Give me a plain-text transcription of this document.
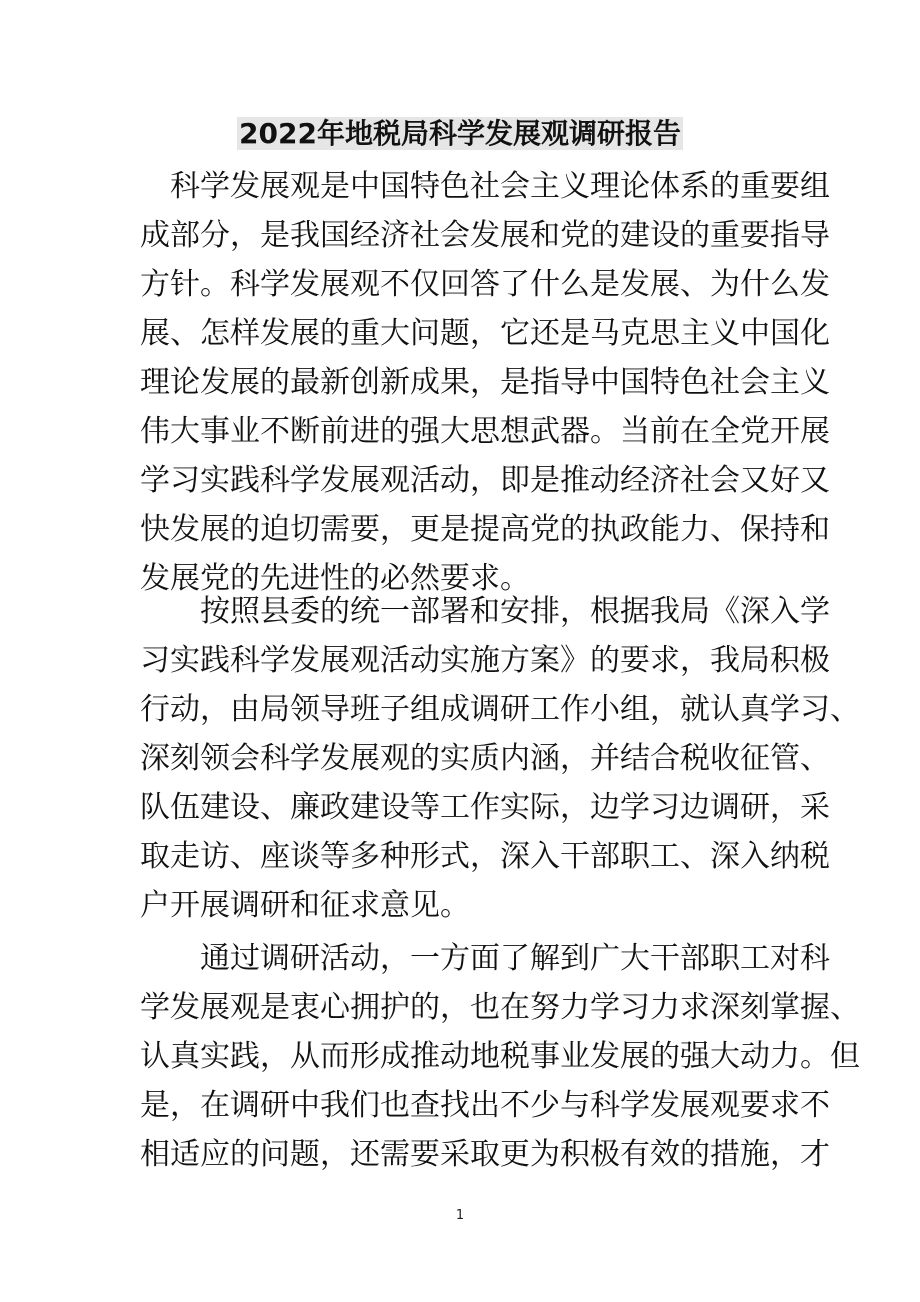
2022年地税局科学发展观调研报告
　科学发展观是中国特色社会主义理论体系的重要组
成部分，是我国经济社会发展和党的建设的重要指导
方针。科学发展观不仅回答了什么是发展、为什么发
展、怎样发展的重大问题，它还是马克思主义中国化
理论发展的最新创新成果，是指导中国特色社会主义
伟大事业不断前进的强大思想武器。当前在全党开展
学习实践科学发展观活动，即是推动经济社会又好又
快发展的迫切需要，更是提高党的执政能力、保持和
发展党的先进性的必然要求。
　　按照县委的统一部署和安排，根据我局《深入学
习实践科学发展观活动实施方案》的要求，我局积极
行动，由局领导班子组成调研工作小组，就认真学习、
深刻领会科学发展观的实质内涵，并结合税收征管、
队伍建设、廉政建设等工作实际，边学习边调研，采
取走访、座谈等多种形式，深入干部职工、深入纳税
户开展调研和征求意见。
　　通过调研活动，一方面了解到广大干部职工对科
学发展观是衷心拥护的，也在努力学习力求深刻掌握、
认真实践，从而形成推动地税事业发展的强大动力。但
是，在调研中我们也查找出不少与科学发展观要求不
相适应的问题，还需要采取更为积极有效的措施，才
1
